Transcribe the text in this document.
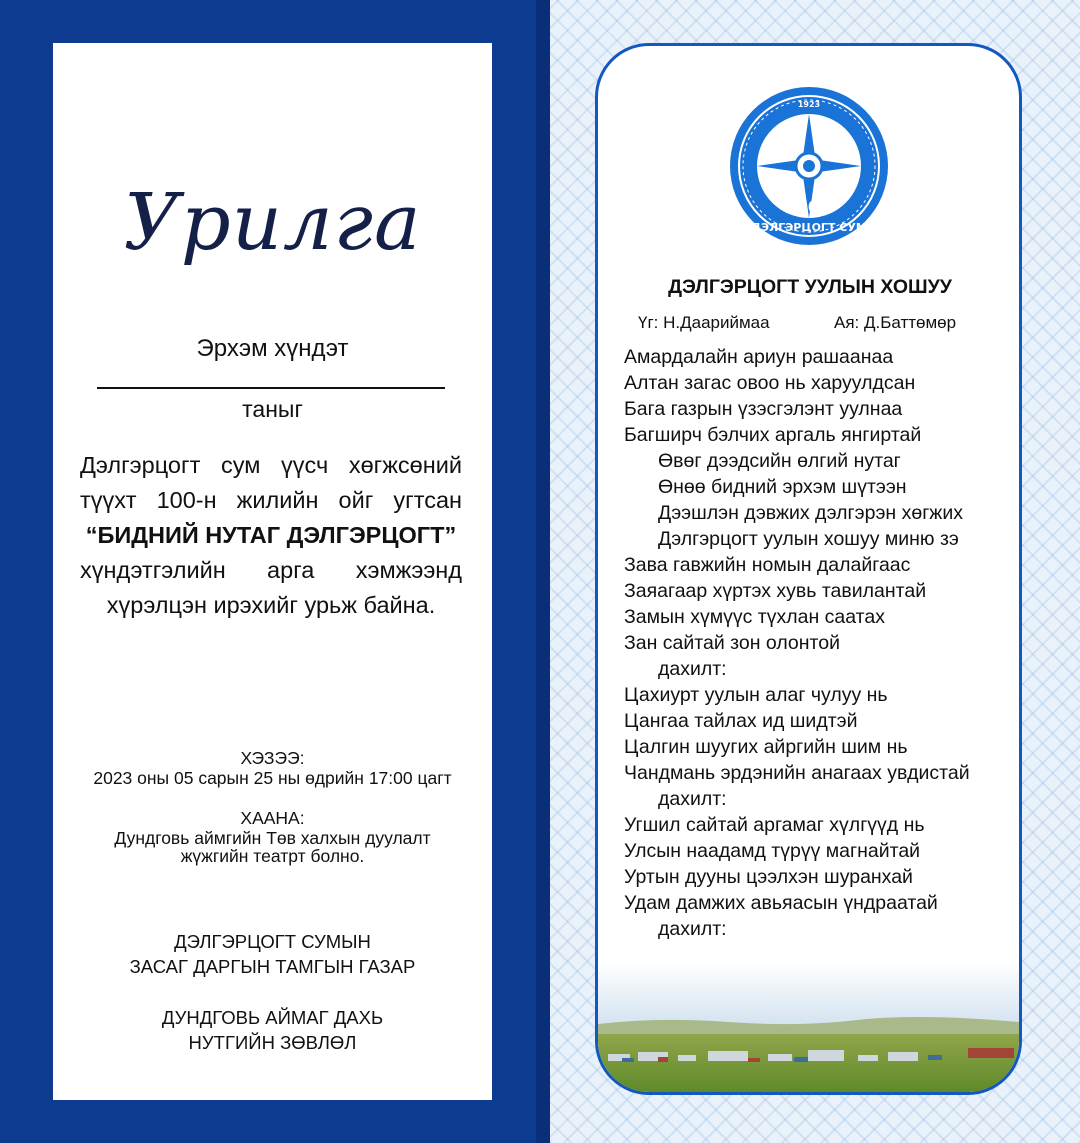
Урилга
Эрхэм хүндэт
таныг
Дэлгэрцогт сум үүсч хөгжсөний
түүхт 100-н жилийн ойг угтсан
“БИДНИЙ НУТАГ ДЭЛГЭРЦОГТ”
хүндэтгэлийн арга хэмжээнд
хүрэлцэн ирэхийг урьж байна.
ХЭЗЭЭ:
2023 оны 05 сарын 25 ны өдрийн 17:00 цагт
ХААНА:
Дундговь аймгийн Төв халхын дуулалт
жүжгийн театрт болно.
ДЭЛГЭРЦОГТ СУМЫН
ЗАСАГ ДАРГЫН ТАМГЫН ГАЗАР
ДУНДГОВЬ АЙМАГ ДАХЬ
НУТГИЙН ЗӨВЛӨЛ
1923
100
жил
ДЭЛГЭРЦОГТ СУМ
ДЭЛГЭРЦОГТ УУЛЫН ХОШУУ
Үг: Н.Даариймаа	Ая: Д.Баттөмөр
Амардалайн ариун рашаанаа
Алтан загас овоо нь харуулдсан
Бага газрын үзэсгэлэнт уулнаа
Багширч бэлчих аргаль янгиртай
Өвөг дээдсийн өлгий нутаг
Өнөө бидний эрхэм шүтээн
Дээшлэн дэвжих дэлгэрэн хөгжих
Дэлгэрцогт уулын хошуу миню зэ
Зава гавжийн номын далайгаас
Заяагаар хүртэх хувь тавилантай
Замын хүмүүс түхлан саатах
Зан сайтай зон олонтой
дахилт:
Цахиурт уулын алаг чулуу нь
Цангаа тайлах ид шидтэй
Цалгин шуугих айргийн шим нь
Чандмань эрдэнийн анагаах увдистай
дахилт:
Угшил сайтай аргамаг хүлгүүд нь
Улсын наадамд түрүү магнайтай
Уртын дууны цээлхэн шуранхай
Удам дамжих авьяасын үндраатай
дахилт:
